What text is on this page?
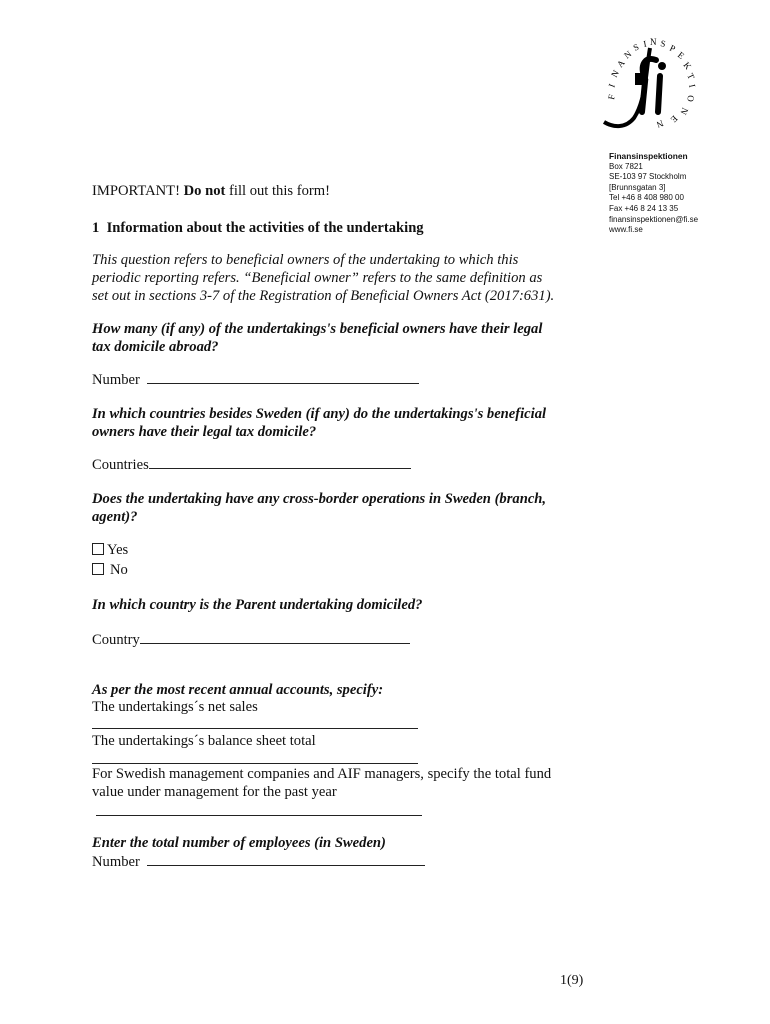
F
I
N
A
N
S I N S P
E
K
T
I
O
N
E
N
Finansinspektionen
Box 7821
SE-103 97 Stockholm
[Brunnsgatan 3]
Tel +46 8 408 980 00
Fax +46 8 24 13 35
finansinspektionen@fi.se
www.fi.se
IMPORTANT! Do not fill out this form!
1 Information about the activities of the undertaking
This question refers to beneficial owners of the undertaking to which this
periodic reporting refers. “Beneficial owner” refers to the same definition as
set out in sections 3-7 of the Registration of Beneficial Owners Act (2017:631).
How many (if any) of the undertakings's beneficial owners have their legal
tax domicile abroad?
Number
In which countries besides Sweden (if any) do the undertakings's beneficial
owners have their legal tax domicile?
Countries
Does the undertaking have any cross-border operations in Sweden (branch,
agent)?
Yes
No
In which country is the Parent undertaking domiciled?
Country
As per the most recent annual accounts, specify:
The undertakings´s net sales
The undertakings´s balance sheet total
For Swedish management companies and AIF managers, specify the total fund
value under management for the past year
Enter the total number of employees (in Sweden)
Number
1(9)
